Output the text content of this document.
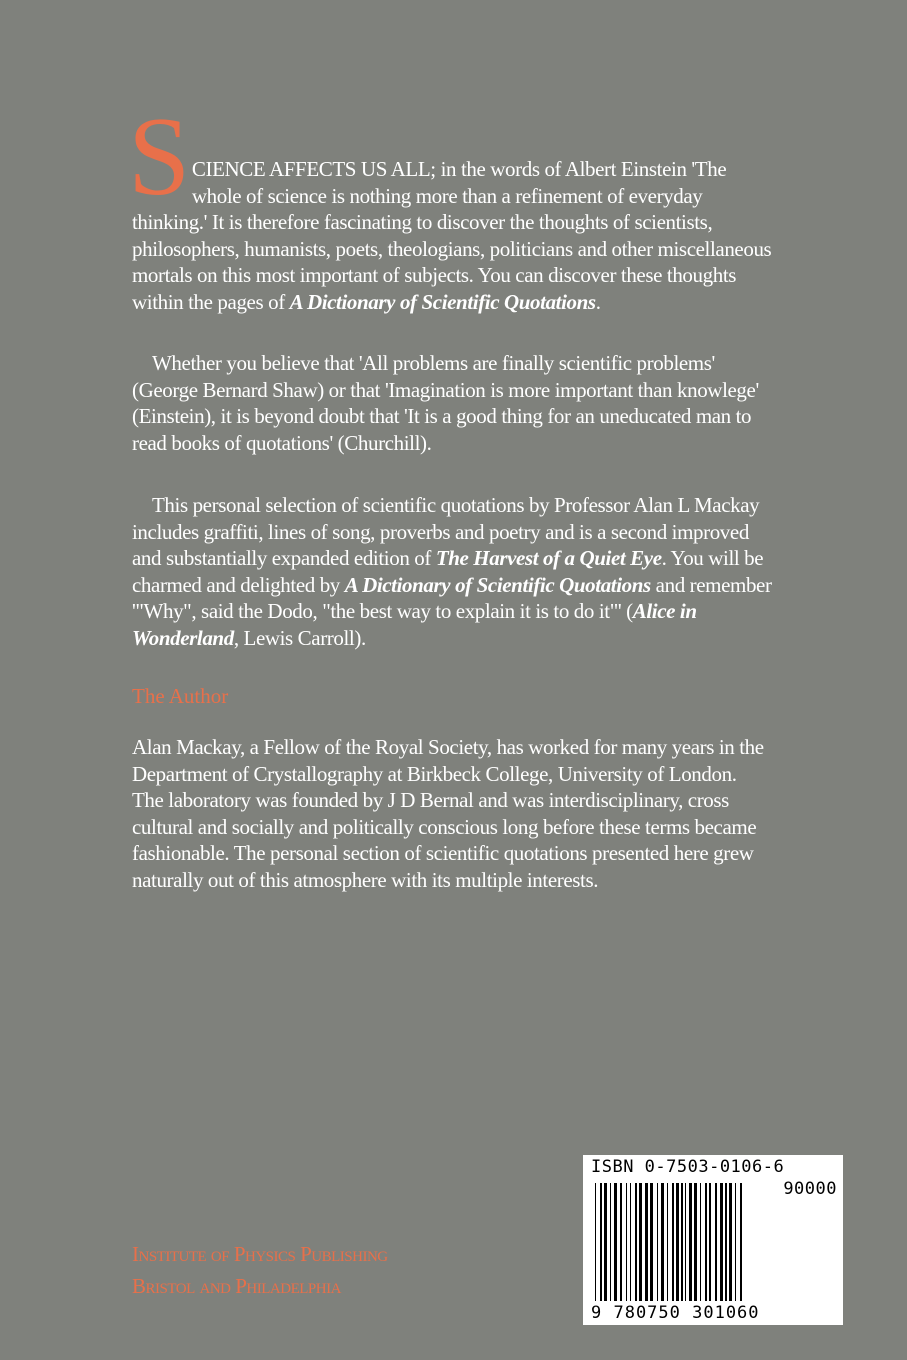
S CIENCE AFFECTS US ALL; in the words of Albert Einstein 'The whole of science is nothing more than a refinement of everyday thinking.' It is therefore fascinating to discover the thoughts of scientists, philosophers, humanists, poets, theologians, politicians and other miscellaneous mortals on this most important of subjects. You can discover these thoughts within the pages of A Dictionary of Scientific Quotations.

Whether you believe that 'All problems are finally scientific problems' (George Bernard Shaw) or that 'Imagination is more important than knowlege' (Einstein), it is beyond doubt that 'It is a good thing for an uneducated man to read books of quotations' (Churchill).

This personal selection of scientific quotations by Professor Alan L Mackay includes graffiti, lines of song, proverbs and poetry and is a second improved and substantially expanded edition of The Harvest of a Quiet Eye. You will be charmed and delighted by A Dictionary of Scientific Quotations and remember '"Why", said the Dodo, "the best way to explain it is to do it"' (Alice in Wonderland, Lewis Carroll).

The Author

Alan Mackay, a Fellow of the Royal Society, has worked for many years in the Department of Crystallography at Birkbeck College, University of London. The laboratory was founded by J D Bernal and was interdisciplinary, cross cultural and socially and politically conscious long before these terms became fashionable. The personal section of scientific quotations presented here grew naturally out of this atmosphere with its multiple interests.

Institute of Physics Publishing
Bristol and Philadelphia
ISBN 0-7503-0106-6
90000
9 780750 301060
